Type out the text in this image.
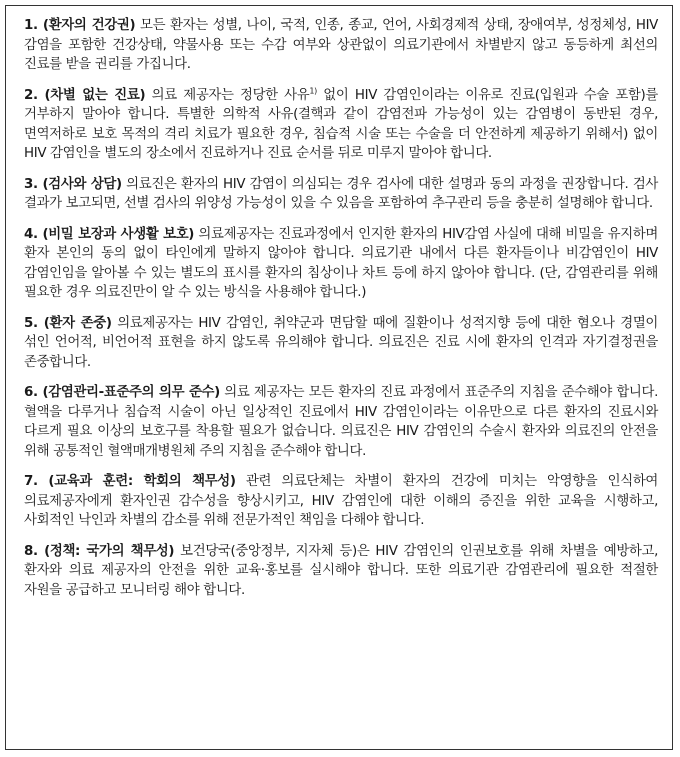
1. (환자의 건강권) 모든 환자는 성별, 나이, 국적, 인종, 종교, 언어, 사회경제적 상태, 장애여부, 성정체성, HIV 감염을 포함한 건강상태, 약물사용 또는 수감 여부와 상관없이 의료기관에서 차별받지 않고 동등하게 최선의 진료를 받을 권리를 가집니다.

2. (차별 없는 진료) 의료 제공자는 정당한 사유$^{1)}$ 없이 HIV 감염인이라는 이유로 진료(입원과 수술 포함)를 거부하지 말아야 합니다. 특별한 의학적 사유(결핵과 같이 감염전파 가능성이 있는 감염병이 동반된 경우, 면역저하로 보호 목적의 격리 치료가 필요한 경우, 침습적 시술 또는 수술을 더 안전하게 제공하기 위해서) 없이 HIV 감염인을 별도의 장소에서 진료하거나 진료 순서를 뒤로 미루지 말아야 합니다.

3. (검사와 상담) 의료진은 환자의 HIV 감염이 의심되는 경우 검사에 대한 설명과 동의 과정을 권장합니다. 검사 결과가 보고되면, 선별 검사의 위양성 가능성이 있을 수 있음을 포함하여 추구관리 등을 충분히 설명해야 합니다.

4. (비밀 보장과 사생활 보호) 의료제공자는 진료과정에서 인지한 환자의 HIV감염 사실에 대해 비밀을 유지하며 환자 본인의 동의 없이 타인에게 말하지 않아야 합니다. 의료기관 내에서 다른 환자들이나 비감염인이 HIV 감염인임을 알아볼 수 있는 별도의 표시를 환자의 침상이나 차트 등에 하지 않아야 합니다. (단, 감염관리를 위해 필요한 경우 의료진만이 알 수 있는 방식을 사용해야 합니다.)

5. (환자 존중) 의료제공자는 HIV 감염인, 취약군과 면담할 때에 질환이나 성적지향 등에 대한 혐오나 경멸이 섞인 언어적, 비언어적 표현을 하지 않도록 유의해야 합니다. 의료진은 진료 시에 환자의 인격과 자기결정권을 존중합니다.

6. (감염관리-표준주의 의무 준수) 의료 제공자는 모든 환자의 진료 과정에서 표준주의 지침을 준수해야 합니다. 혈액을 다루거나 침습적 시술이 아닌 일상적인 진료에서 HIV 감염인이라는 이유만으로 다른 환자의 진료시와 다르게 필요 이상의 보호구를 착용할 필요가 없습니다. 의료진은 HIV 감염인의 수술시 환자와 의료진의 안전을 위해 공통적인 혈액매개병원체 주의 지침을 준수해야 합니다.

7. (교육과 훈련: 학회의 책무성) 관련 의료단체는 차별이 환자의 건강에 미치는 악영향을 인식하여 의료제공자에게 환자인권 감수성을 향상시키고, HIV 감염인에 대한 이해의 증진을 위한 교육을 시행하고, 사회적인 낙인과 차별의 감소를 위해 전문가적인 책임을 다해야 합니다.

8. (정책: 국가의 책무성) 보건당국(중앙정부, 지자체 등)은 HIV 감염인의 인권보호를 위해 차별을 예방하고, 환자와 의료 제공자의 안전을 위한 교육·홍보를 실시해야 합니다. 또한 의료기관 감염관리에 필요한 적절한 자원을 공급하고 모니터링 해야 합니다.
